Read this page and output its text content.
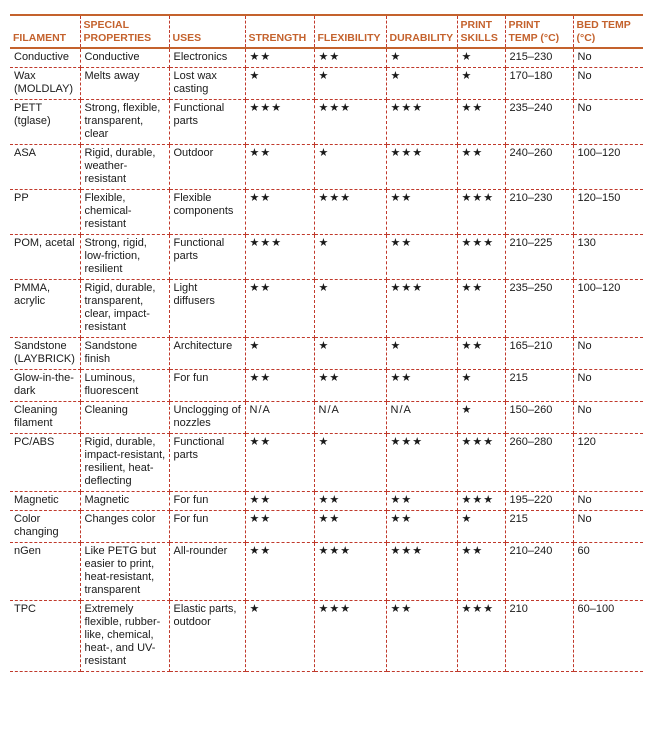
FILAMENT	SPECIAL PROPERTIES	USES	STRENGTH	FLEXIBILITY	DURABILITY	PRINT SKILLS	PRINT TEMP (°C)	BED TEMP (°C)
Conductive	Conductive	Electronics	★★	★★	★	★	215–230	No
Wax (MOLDLAY)	Melts away	Lost wax casting	★	★	★	★	170–180	No
PETT (tglase)	Strong, flexible, transparent, clear	Functional parts	★★★	★★★	★★★	★★	235–240	No
ASA	Rigid, durable, weather-resistant	Outdoor	★★	★	★★★	★★	240–260	100–120
PP	Flexible, chemical-resistant	Flexible components	★★	★★★	★★	★★★	210–230	120–150
POM, acetal	Strong, rigid, low-friction, resilient	Functional parts	★★★	★	★★	★★★	210–225	130
PMMA, acrylic	Rigid, durable, transparent, clear, impact-resistant	Light diffusers	★★	★	★★★	★★	235–250	100–120
Sandstone (LAYBRICK)	Sandstone finish	Architecture	★	★	★	★★	165–210	No
Glow-in-the-dark	Luminous, fluorescent	For fun	★★	★★	★★	★	215	No
Cleaning filament	Cleaning	Unclogging of nozzles	N/A	N/A	N/A	★	150–260	No
PC/ABS	Rigid, durable, impact-resistant, resilient, heat-deflecting	Functional parts	★★	★	★★★	★★★	260–280	120
Magnetic	Magnetic	For fun	★★	★★	★★	★★★	195–220	No
Color changing	Changes color	For fun	★★	★★	★★	★	215	No
nGen	Like PETG but easier to print, heat-resistant, transparent	All-rounder	★★	★★★	★★★	★★	210–240	60
TPC	Extremely flexible, rubber-like, chemical, heat-, and UV-resistant	Elastic parts, outdoor	★	★★★	★★	★★★	210	60–100
